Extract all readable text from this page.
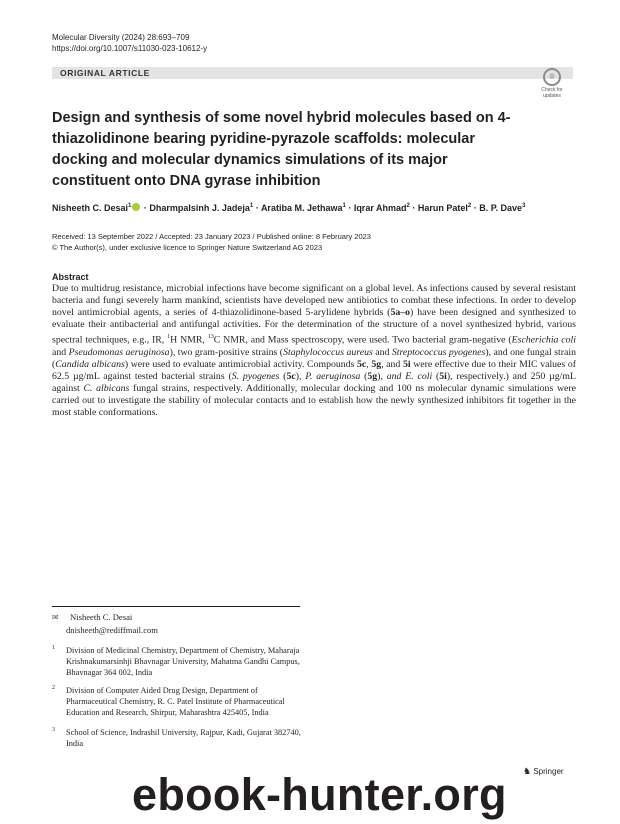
Molecular Diversity (2024) 28:693–709
https://doi.org/10.1007/s11030-023-10612-y
ORIGINAL ARTICLE
Check for
updates
Design and synthesis of some novel hybrid molecules based on 4-thiazolidinone bearing pyridine-pyrazole scaffolds: molecular docking and molecular dynamics simulations of its major constituent onto DNA gyrase inhibition
Nisheeth C. Desai$^1$ · Dharmpalsinh J. Jadeja$^1$ · Aratiba M. Jethawa$^1$ · Iqrar Ahmad$^2$ · Harun Patel$^2$ · B. P. Dave$^3$
Received: 13 September 2022 / Accepted: 23 January 2023 / Published online: 8 February 2023
© The Author(s), under exclusive licence to Springer Nature Switzerland AG 2023
Abstract
Due to multidrug resistance, microbial infections have become significant on a global level. As infections caused by several resistant bacteria and fungi severely harm mankind, scientists have developed new antibiotics to combat these infections. In order to develop novel antimicrobial agents, a series of 4-thiazolidinone-based 5-arylidene hybrids (5a–o) have been designed and synthesized to evaluate their antibacterial and antifungal activities. For the determination of the structure of a novel synthesized hybrid, various spectral techniques, e.g., IR, $^1$H NMR, $^{13}$C NMR, and Mass spectroscopy, were used. Two bacterial gram-negative (Escherichia coli and Pseudomonas aeruginosa), two gram-positive strains (Staphylococcus aureus and Streptococcus pyogenes), and one fungal strain (Candida albicans) were used to evaluate antimicrobial activity. Compounds 5c, 5g, and 5i were effective due to their MIC values of 62.5 µg/mL against tested bacterial strains (S. pyogenes (5c), P. aeruginosa (5g), and E. coli (5i), respectively.) and 250 µg/mL against C. albicans fungal strains, respectively. Additionally, molecular docking and 100 ns molecular dynamic simulations were carried out to investigate the stability of molecular contacts and to establish how the newly synthesized inhibitors fit together in the most stable conformations.
✉ Nisheeth C. Desai
dnisheeth@rediffmail.com
1 Division of Medicinal Chemistry, Department of Chemistry, Maharaja Krishnakumarsinhji Bhavnagar University, Mahatma Gandhi Campus, Bhavnagar 364 002, India
2 Division of Computer Aided Drug Design, Department of Pharmaceutical Chemistry, R. C. Patel Institute of Pharmaceutical Education and Research, Shirpur, Maharashtra 425405, India
3 School of Science, Indrashil University, Rajpur, Kadi, Gujarat 382740, India
♞ Springer
ebook-hunter.org
